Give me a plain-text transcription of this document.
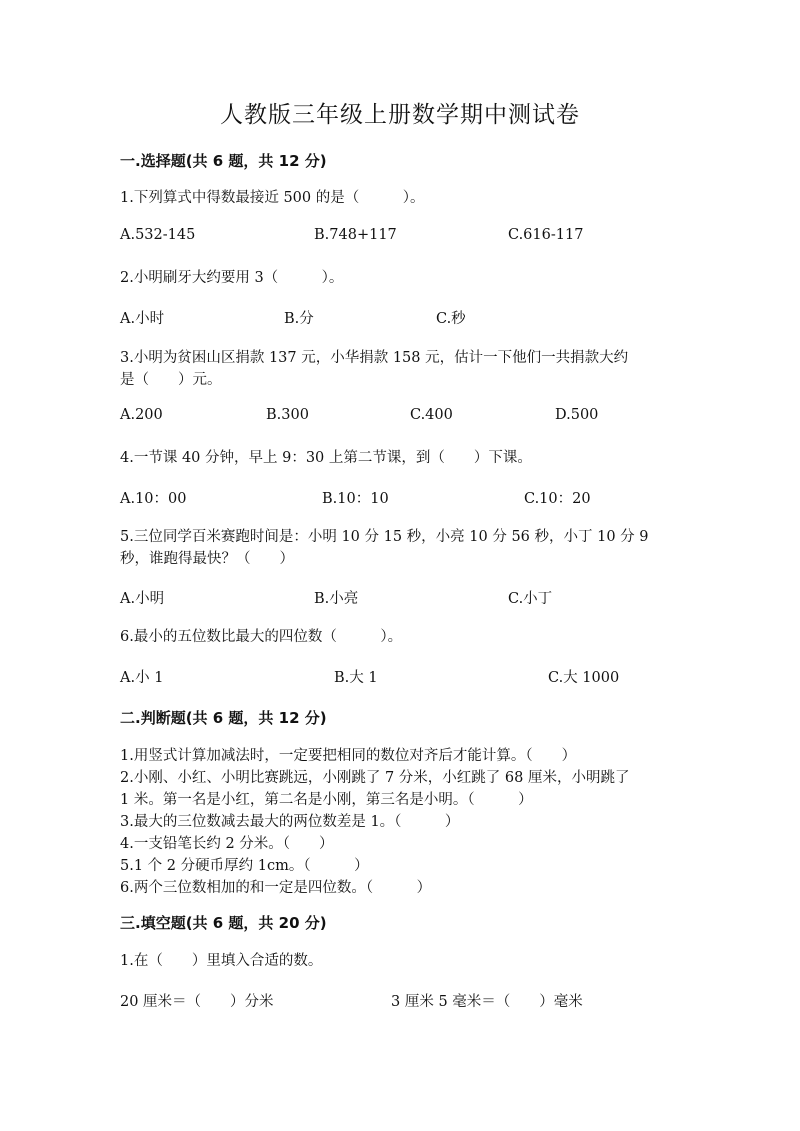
人教版三年级上册数学期中测试卷
一.选择题(共 6 题，共 12 分)
1.下列算式中得数最接近 500 的是（　　　）。
A.532-145	B.748+117	C.616-117
2.小明刷牙大约要用 3（　　　）。
A.小时	B.分	C.秒
3.小明为贫困山区捐款 137 元，小华捐款 158 元，估计一下他们一共捐款大约
是（　　）元。
A.200	B.300	C.400	D.500
4.一节课 40 分钟，早上 9：30 上第二节课，到（　　）下课。
A.10：00	B.10：10	C.10：20
5.三位同学百米赛跑时间是：小明 10 分 15 秒，小亮 10 分 56 秒，小丁 10 分 9
秒，谁跑得最快？（　　）
A.小明	B.小亮	C.小丁
6.最小的五位数比最大的四位数（　　　）。
A.小 1	B.大 1	C.大 1000
二.判断题(共 6 题，共 12 分)
1.用竖式计算加减法时，一定要把相同的数位对齐后才能计算。（　　）
2.小刚、小红、小明比赛跳远，小刚跳了 7 分米，小红跳了 68 厘米，小明跳了
1 米。第一名是小红，第二名是小刚，第三名是小明。（　　　）
3.最大的三位数减去最大的两位数差是 1。（　　　）
4.一支铅笔长约 2 分米。（　　）
5.1 个 2 分硬币厚约 1cm。（　　　）
6.两个三位数相加的和一定是四位数。（　　　）
三.填空题(共 6 题，共 20 分)
1.在（　　）里填入合适的数。
20 厘米＝（　　）分米	3 厘米 5 毫米＝（　　）毫米
